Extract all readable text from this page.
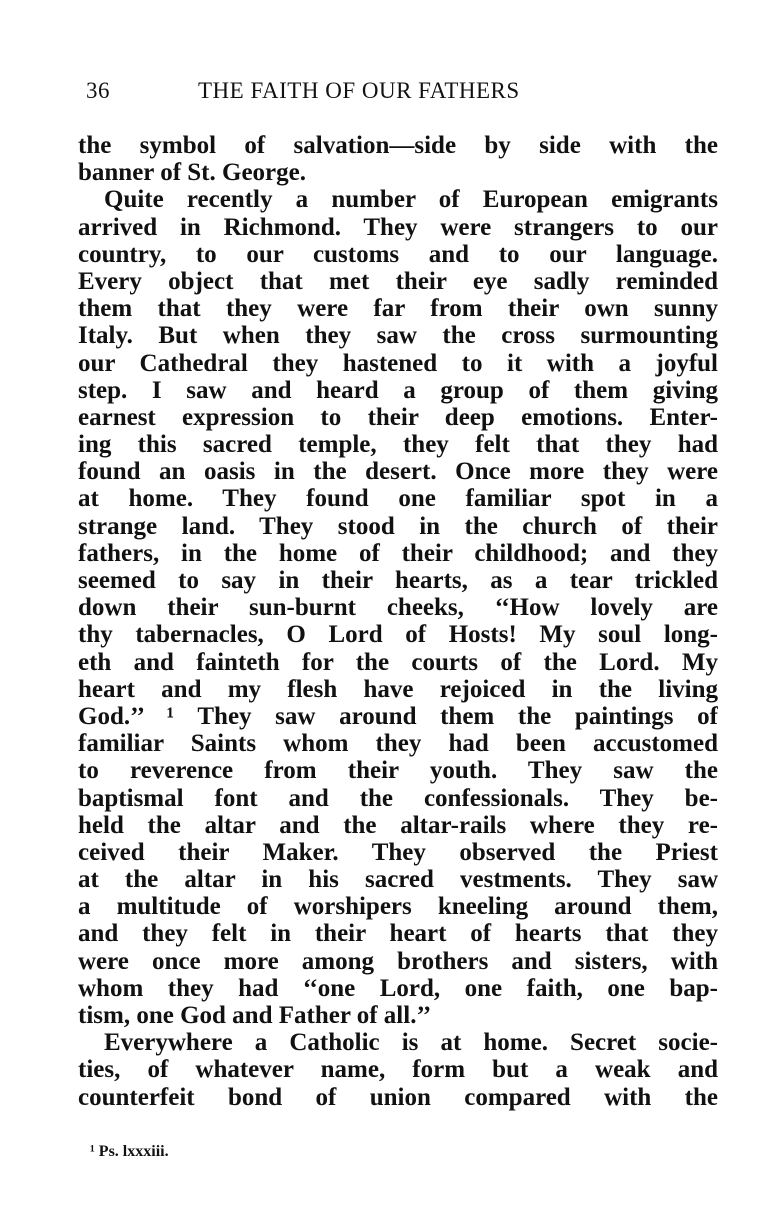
36	THE FAITH OF OUR FATHERS
the symbol of salvation—side by side with the
banner of St. George.
Quite recently a number of European emigrants
arrived in Richmond. They were strangers to our
country, to our customs and to our language.
Every object that met their eye sadly reminded
them that they were far from their own sunny
Italy. But when they saw the cross surmounting
our Cathedral they hastened to it with a joyful
step. I saw and heard a group of them giving
earnest expression to their deep emotions. Enter-
ing this sacred temple, they felt that they had
found an oasis in the desert. Once more they were
at home. They found one familiar spot in a
strange land. They stood in the church of their
fathers, in the home of their childhood; and they
seemed to say in their hearts, as a tear trickled
down their sun-burnt cheeks, ‘‘How lovely are
thy tabernacles, O Lord of Hosts! My soul long-
eth and fainteth for the courts of the Lord. My
heart and my flesh have rejoiced in the living
God.’’ ¹ They saw around them the paintings of
familiar Saints whom they had been accustomed
to reverence from their youth. They saw the
baptismal font and the confessionals. They be-
held the altar and the altar-rails where they re-
ceived their Maker. They observed the Priest
at the altar in his sacred vestments. They saw
a multitude of worshipers kneeling around them,
and they felt in their heart of hearts that they
were once more among brothers and sisters, with
whom they had ‘‘one Lord, one faith, one bap-
tism, one God and Father of all.’’
Everywhere a Catholic is at home. Secret socie-
ties, of whatever name, form but a weak and
counterfeit bond of union compared with the
¹ Ps. lxxxiii.
